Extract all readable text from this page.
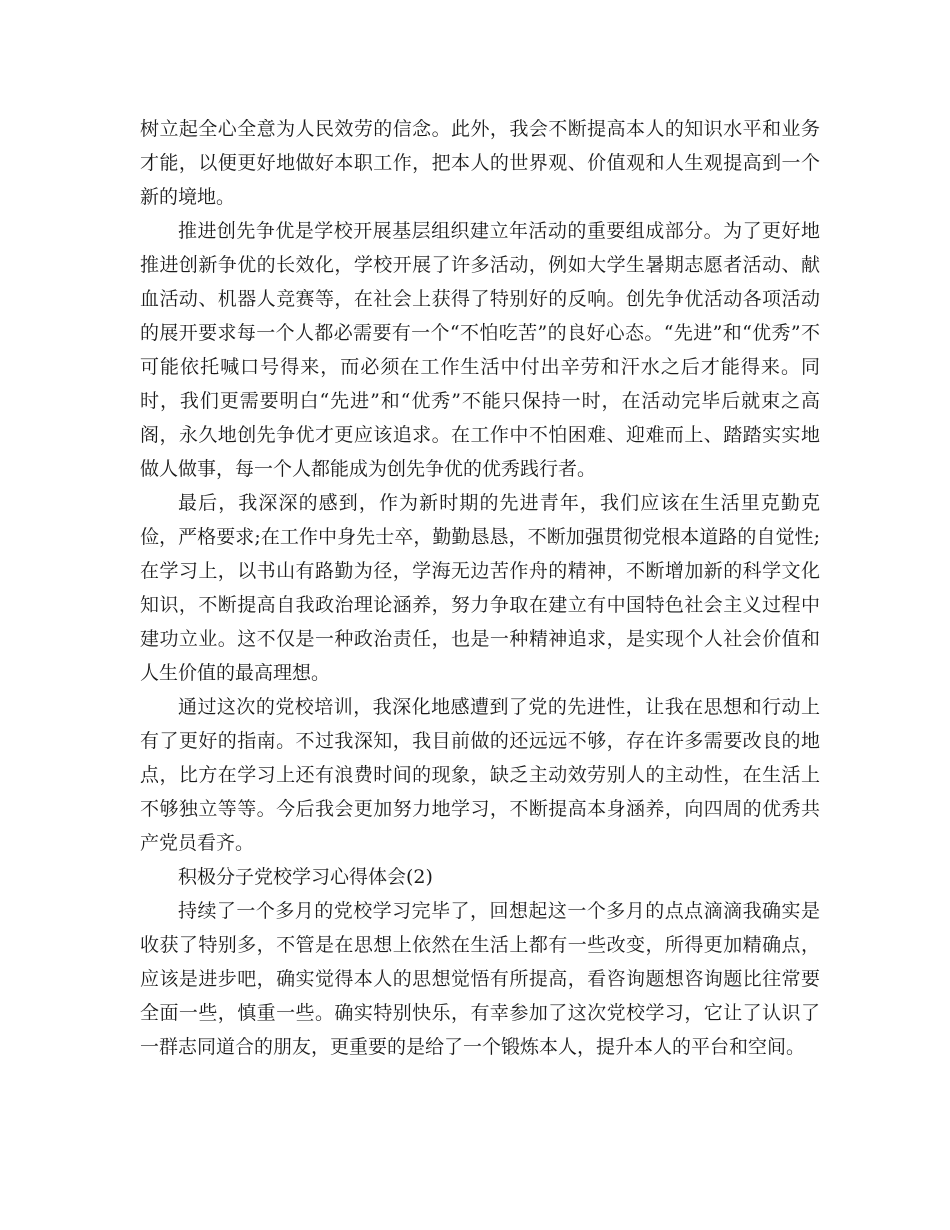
树立起全心全意为人民效劳的信念。此外，我会不断提高本人的知识水平和业务才能，以便更好地做好本职工作，把本人的世界观、价值观和人生观提高到一个新的境地。

推进创先争优是学校开展基层组织建立年活动的重要组成部分。为了更好地推进创新争优的长效化，学校开展了许多活动，例如大学生暑期志愿者活动、献血活动、机器人竞赛等，在社会上获得了特别好的反响。创先争优活动各项活动的展开要求每一个人都必需要有一个“不怕吃苦”的良好心态。“先进”和“优秀”不可能依托喊口号得来，而必须在工作生活中付出辛劳和汗水之后才能得来。同时，我们更需要明白“先进”和“优秀”不能只保持一时，在活动完毕后就束之高阁，永久地创先争优才更应该追求。在工作中不怕困难、迎难而上、踏踏实实地做人做事，每一个人都能成为创先争优的优秀践行者。

最后，我深深的感到，作为新时期的先进青年，我们应该在生活里克勤克俭，严格要求;在工作中身先士卒，勤勤恳恳，不断加强贯彻党根本道路的自觉性;在学习上，以书山有路勤为径，学海无边苦作舟的精神，不断增加新的科学文化知识，不断提高自我政治理论涵养，努力争取在建立有中国特色社会主义过程中建功立业。这不仅是一种政治责任，也是一种精神追求，是实现个人社会价值和人生价值的最高理想。

通过这次的党校培训，我深化地感遭到了党的先进性，让我在思想和行动上有了更好的指南。不过我深知，我目前做的还远远不够，存在许多需要改良的地点，比方在学习上还有浪费时间的现象，缺乏主动效劳别人的主动性，在生活上不够独立等等。今后我会更加努力地学习，不断提高本身涵养，向四周的优秀共产党员看齐。

积极分子党校学习心得体会(2)

持续了一个多月的党校学习完毕了，回想起这一个多月的点点滴滴我确实是收获了特别多，不管是在思想上依然在生活上都有一些改变，所得更加精确点，应该是进步吧，确实觉得本人的思想觉悟有所提高，看咨询题想咨询题比往常要全面一些，慎重一些。确实特别快乐，有幸参加了这次党校学习，它让了认识了一群志同道合的朋友，更重要的是给了一个锻炼本人，提升本人的平台和空间。
